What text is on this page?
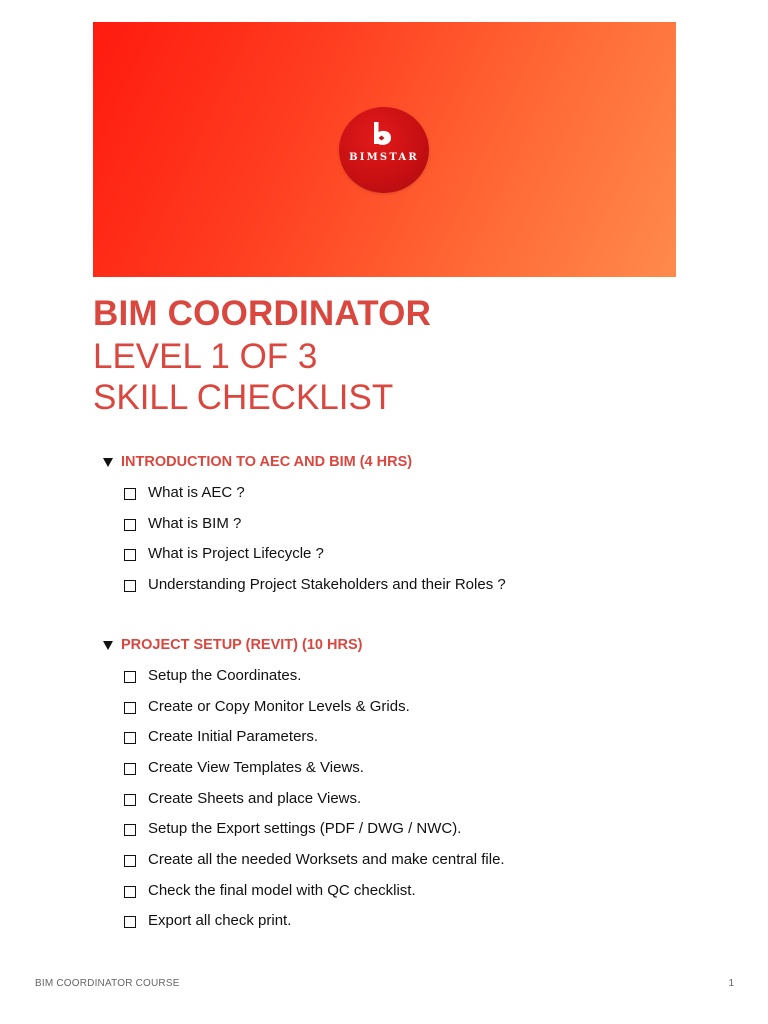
BIMSTAR
BIM COORDINATOR
LEVEL 1 OF 3
SKILL CHECKLIST
INTRODUCTION TO AEC AND BIM (4 HRS)
What is AEC ?
What is BIM ?
What is Project Lifecycle ?
Understanding Project Stakeholders and their Roles ?
PROJECT SETUP (REVIT) (10 HRS)
Setup the Coordinates.
Create or Copy Monitor Levels & Grids.
Create Initial Parameters.
Create View Templates & Views.
Create Sheets and place Views.
Setup the Export settings (PDF / DWG / NWC).
Create all the needed Worksets and make central file.
Check the final model with QC checklist.
Export all check print.
BIM COORDINATOR COURSE	1
